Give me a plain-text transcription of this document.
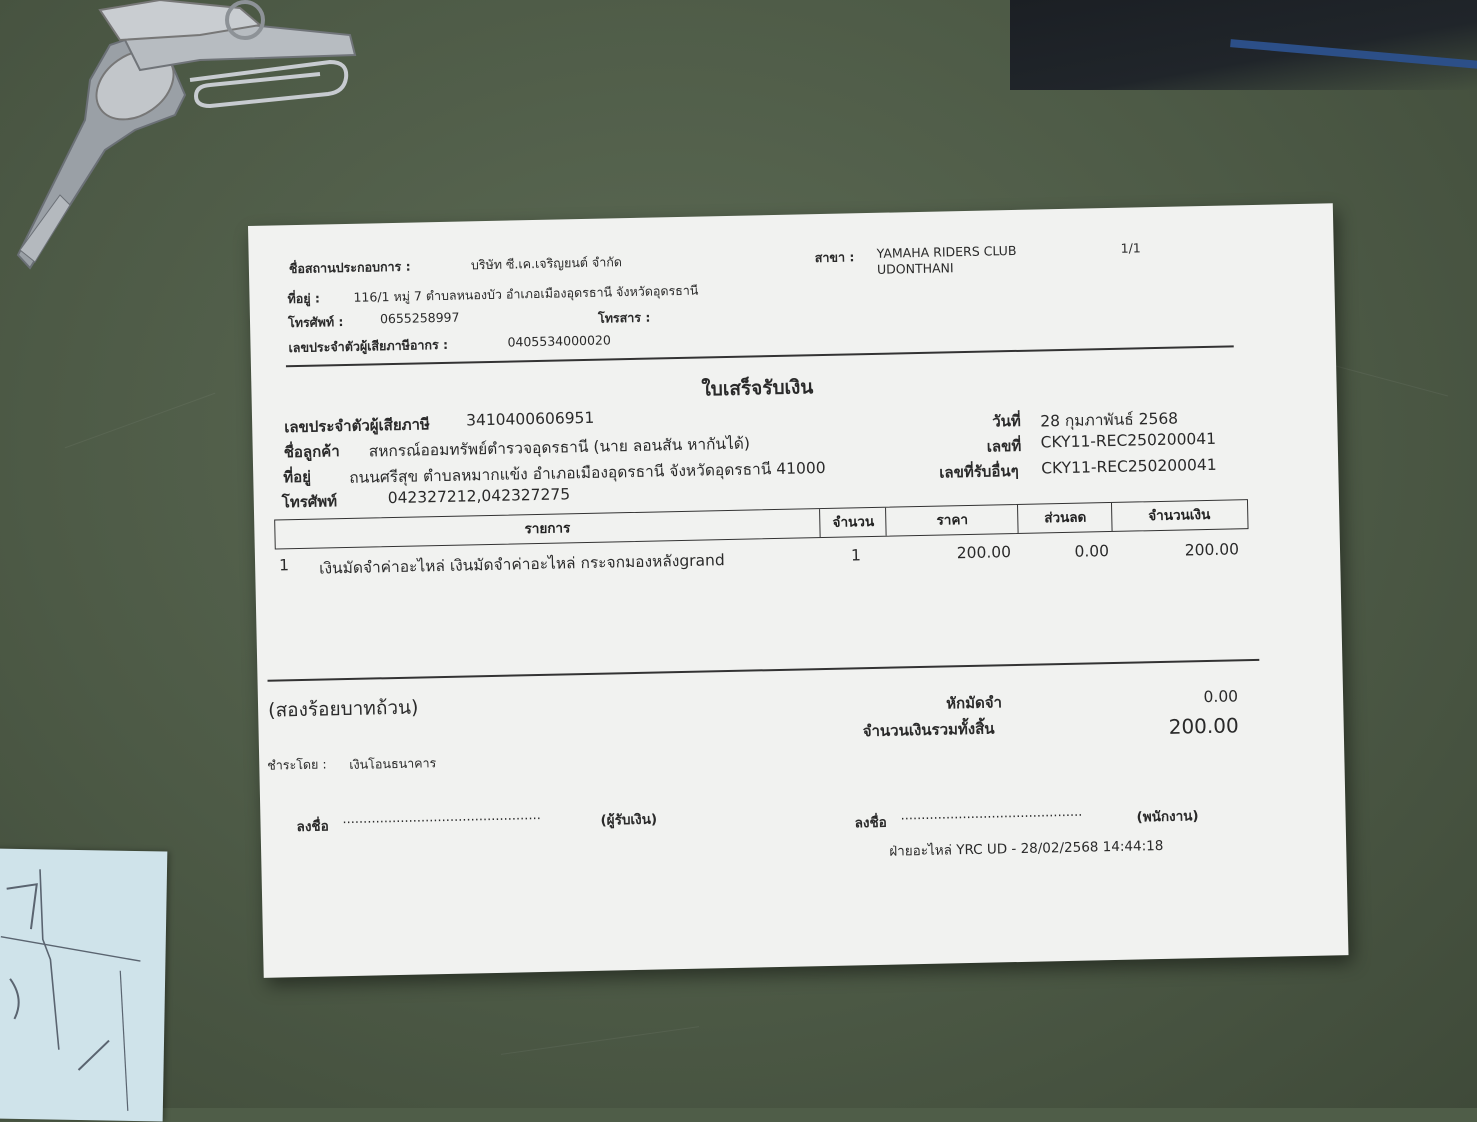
ชื่อสถานประกอบการ :	บริษัท ซี.เค.เจริญยนต์ จำกัด	สาขา : YAMAHA RIDERS CLUB
UDONTHANI
1/1
ที่อยู่ :	116/1 หมู่ 7 ตำบลหนองบัว อำเภอเมืองอุดรธานี จังหวัดอุดรธานี
โทรศัพท์ :	0655258997	โทรสาร :
เลขประจำตัวผู้เสียภาษีอากร :	0405534000020
ใบเสร็จรับเงิน
เลขประจำตัวผู้เสียภาษี 3410400606951
ชื่อลูกค้า สหกรณ์ออมทรัพย์ตำรวจอุดรธานี (นาย ลอนสัน หากันได้)
ที่อยู่ ถนนศรีสุข ตำบลหมากแข้ง อำเภอเมืองอุดรธานี จังหวัดอุดรธานี 41000
โทรศัพท์	042327212,042327275
วันที่ 28 กุมภาพันธ์ 2568
เลขที่ CKY11-REC250200041
เลขที่รับอื่นๆ CKY11-REC250200041
รายการ	จำนวน	ราคา	ส่วนลด	จำนวนเงิน
1 เงินมัดจำค่าอะไหล่ เงินมัดจำค่าอะไหล่ กระจกมองหลังgrand	1	200.00	0.00	200.00
(สองร้อยบาทถ้วน)	หักมัดจำ	0.00
จำนวนเงินรวมทั้งสิ้น	200.00
ชำระโดย : เงินโอนธนาคาร
ลงชื่อ ................................................	(ผู้รับเงิน)	ลงชื่อ ............................................	(พนักงาน)
ฝ่ายอะไหล่ YRC UD - 28/02/2568 14:44:18
